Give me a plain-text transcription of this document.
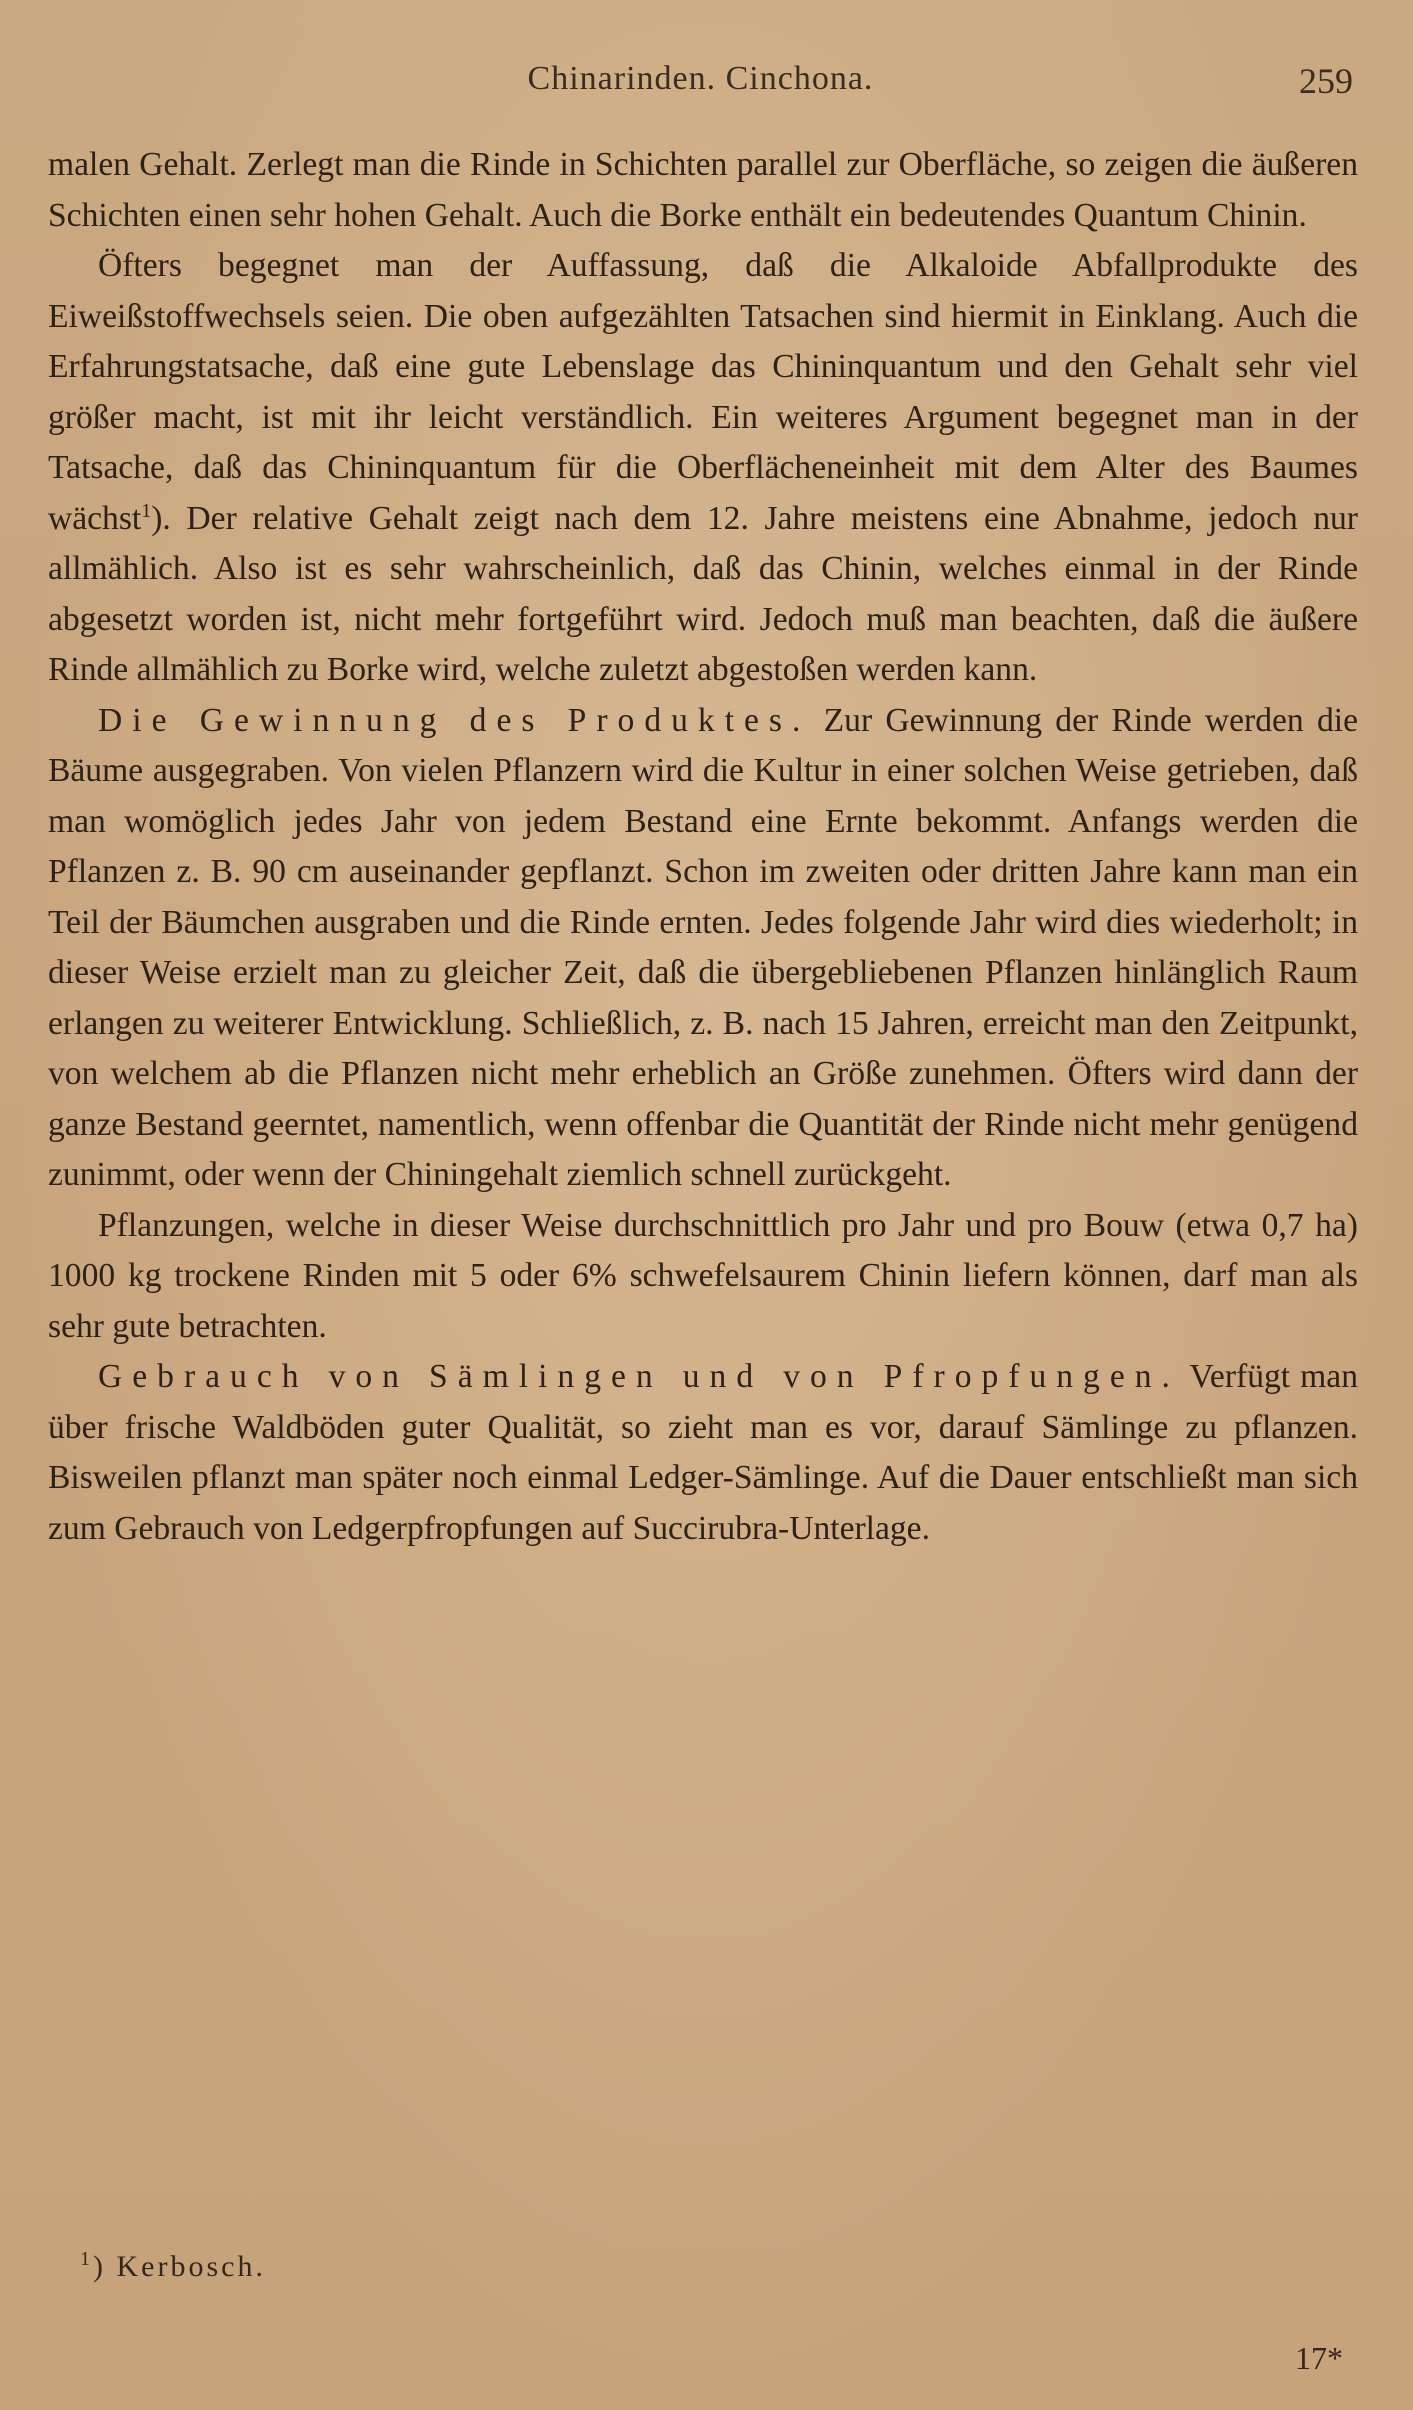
Chinarinden. Cinchona.	259

malen Gehalt. Zerlegt man die Rinde in Schichten parallel zur Oberfläche, so zeigen die äußeren Schichten einen sehr hohen Gehalt. Auch die Borke enthält ein bedeutendes Quantum Chinin.

Öfters begegnet man der Auffassung, daß die Alkaloide Abfallprodukte des Eiweißstoffwechsels seien. Die oben aufgezählten Tatsachen sind hiermit in Einklang. Auch die Erfahrungstatsache, daß eine gute Lebenslage das Chininquantum und den Gehalt sehr viel größer macht, ist mit ihr leicht verständlich. Ein weiteres Argument begegnet man in der Tatsache, daß das Chininquantum für die Oberflächeneinheit mit dem Alter des Baumes wächst$^1$). Der relative Gehalt zeigt nach dem 12. Jahre meistens eine Abnahme, jedoch nur allmählich. Also ist es sehr wahrscheinlich, daß das Chinin, welches einmal in der Rinde abgesetzt worden ist, nicht mehr fortgeführt wird. Jedoch muß man beachten, daß die äußere Rinde allmählich zu Borke wird, welche zuletzt abgestoßen werden kann.

Die Gewinnung des Produktes. Zur Gewinnung der Rinde werden die Bäume ausgegraben. Von vielen Pflanzern wird die Kultur in einer solchen Weise getrieben, daß man womöglich jedes Jahr von jedem Bestand eine Ernte bekommt. Anfangs werden die Pflanzen z. B. 90 cm auseinander gepflanzt. Schon im zweiten oder dritten Jahre kann man ein Teil der Bäumchen ausgraben und die Rinde ernten. Jedes folgende Jahr wird dies wiederholt; in dieser Weise erzielt man zu gleicher Zeit, daß die übergebliebenen Pflanzen hinlänglich Raum erlangen zu weiterer Entwicklung. Schließlich, z. B. nach 15 Jahren, erreicht man den Zeitpunkt, von welchem ab die Pflanzen nicht mehr erheblich an Größe zunehmen. Öfters wird dann der ganze Bestand geerntet, namentlich, wenn offenbar die Quantität der Rinde nicht mehr genügend zunimmt, oder wenn der Chiningehalt ziemlich schnell zurückgeht.

Pflanzungen, welche in dieser Weise durchschnittlich pro Jahr und pro Bouw (etwa 0,7 ha) 1000 kg trockene Rinden mit 5 oder 6% schwefelsaurem Chinin liefern können, darf man als sehr gute betrachten.

Gebrauch von Sämlingen und von Pfropfungen. Verfügt man über frische Waldböden guter Qualität, so zieht man es vor, darauf Sämlinge zu pflanzen. Bisweilen pflanzt man später noch einmal Ledger-Sämlinge. Auf die Dauer entschließt man sich zum Gebrauch von Ledgerpfropfungen auf Succirubra-Unterlage.

$^1$) Kerbosch.
17*
